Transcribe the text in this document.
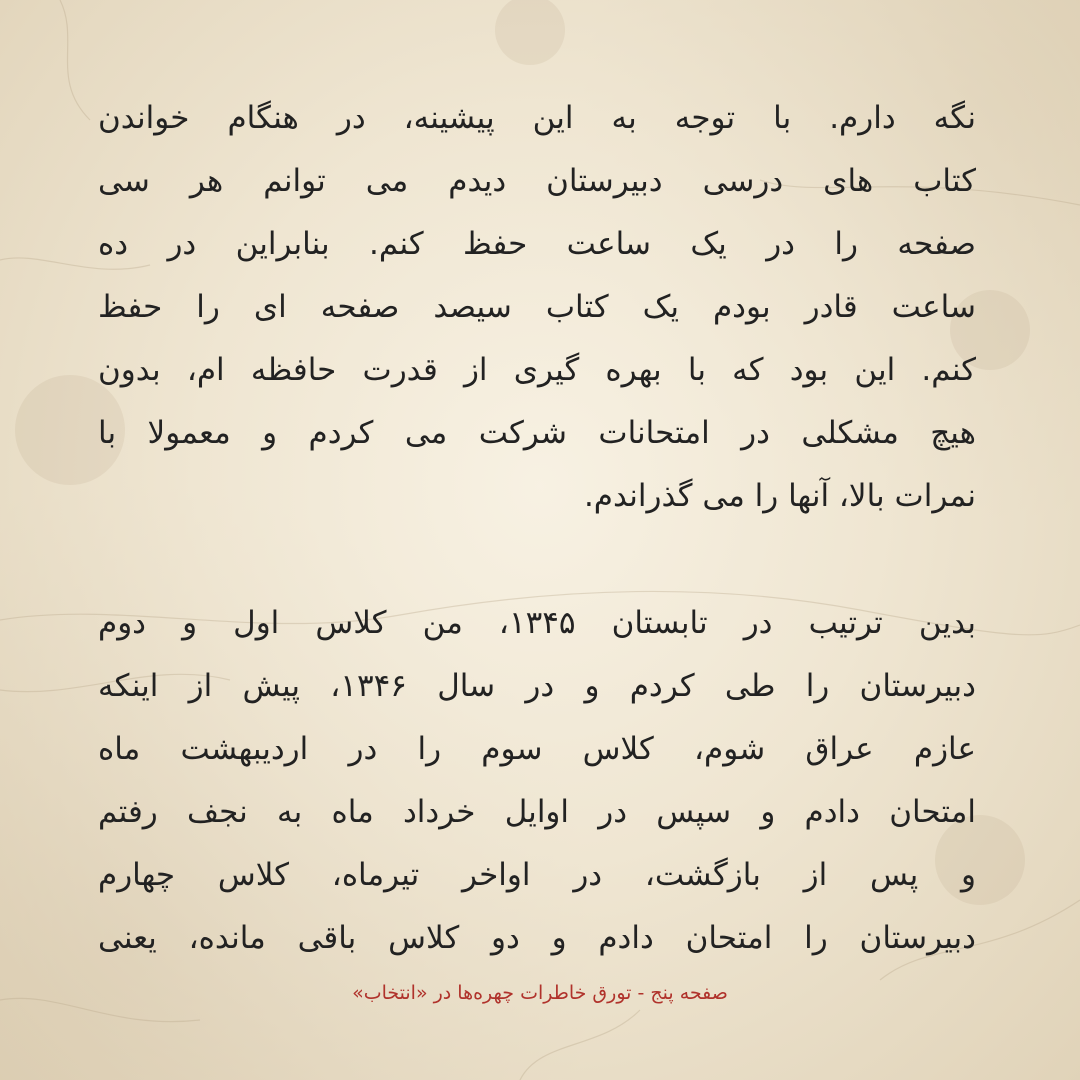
نگه دارم. با توجه به این پیشینه، در هنگام خواندن
کتاب های درسی دبیرستان دیدم می توانم هر سی
صفحه را در یک ساعت حفظ کنم. بنابراین در ده
ساعت قادر بودم یک کتاب سیصد صفحه ای را حفظ
کنم. این بود که با بهره گیری از قدرت حافظه ام، بدون
هیچ مشکلی در امتحانات شرکت می کردم و معمولا با
نمرات بالا، آنها را می گذراندم.
بدین ترتیب در تابستان ۱۳۴۵، من کلاس اول و دوم
دبیرستان را طی کردم و در سال ۱۳۴۶، پیش از اینکه
عازم عراق شوم، کلاس سوم را در اردیبهشت ماه
امتحان دادم و سپس در اوایل خرداد ماه به نجف رفتم
و پس از بازگشت، در اواخر تیرماه، کلاس چهارم
دبیرستان را امتحان دادم و دو کلاس باقی مانده، یعنی
صفحه پنج - تورق خاطرات چهره‌ها در «انتخاب»
